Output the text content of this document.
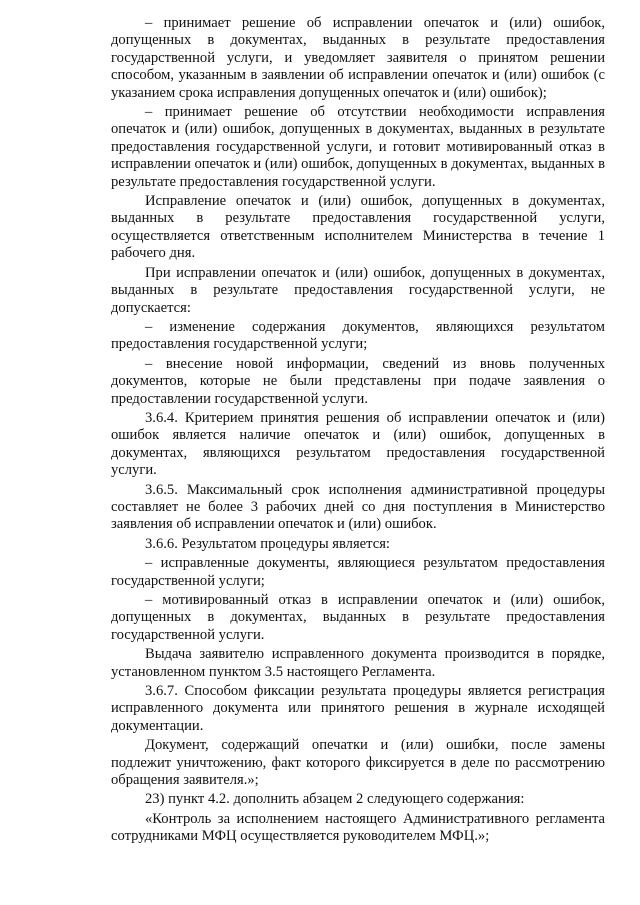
– принимает решение об исправлении опечаток и (или) ошибок, допущенных в документах, выданных в результате предоставления государственной услуги, и уведомляет заявителя о принятом решении способом, указанным в заявлении об исправлении опечаток и (или) ошибок (с указанием срока исправления допущенных опечаток и (или) ошибок);

– принимает решение об отсутствии необходимости исправления опечаток и (или) ошибок, допущенных в документах, выданных в результате предоставления государственной услуги, и готовит мотивированный отказ в исправлении опечаток и (или) ошибок, допущенных в документах, выданных в результате предоставления государственной услуги.

Исправление опечаток и (или) ошибок, допущенных в документах, выданных в результате предоставления государственной услуги, осуществляется ответственным исполнителем Министерства в течение 1 рабочего дня.

При исправлении опечаток и (или) ошибок, допущенных в документах, выданных в результате предоставления государственной услуги, не допускается:

– изменение содержания документов, являющихся результатом предоставления государственной услуги;

– внесение новой информации, сведений из вновь полученных документов, которые не были представлены при подаче заявления о предоставлении государственной услуги.

3.6.4. Критерием принятия решения об исправлении опечаток и (или) ошибок является наличие опечаток и (или) ошибок, допущенных в документах, являющихся результатом предоставления государственной услуги.

3.6.5. Максимальный срок исполнения административной процедуры составляет не более 3 рабочих дней со дня поступления в Министерство заявления об исправлении опечаток и (или) ошибок.

3.6.6. Результатом процедуры является:

– исправленные документы, являющиеся результатом предоставления государственной услуги;

– мотивированный отказ в исправлении опечаток и (или) ошибок, допущенных в документах, выданных в результате предоставления государственной услуги.

Выдача заявителю исправленного документа производится в порядке, установленном пунктом 3.5 настоящего Регламента.

3.6.7. Способом фиксации результата процедуры является регистрация исправленного документа или принятого решения в журнале исходящей документации.

Документ, содержащий опечатки и (или) ошибки, после замены подлежит уничтожению, факт которого фиксируется в деле по рассмотрению обращения заявителя.»;

23) пункт 4.2. дополнить абзацем 2 следующего содержания:

«Контроль за исполнением настоящего Административного регламента сотрудниками МФЦ осуществляется руководителем МФЦ.»;
